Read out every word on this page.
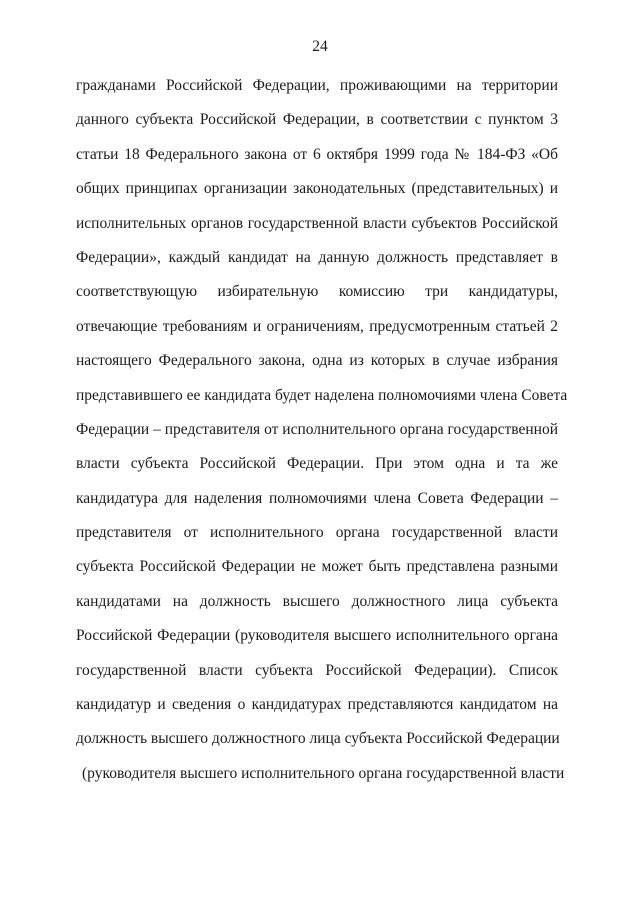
24
гражданами Российской Федерации, проживающими на территории
данного субъекта Российской Федерации, в соответствии с пунктом 3
статьи 18 Федерального закона от 6 октября 1999 года № 184-ФЗ «Об
общих принципах организации законодательных (представительных) и
исполнительных органов государственной власти субъектов Российской
Федерации», каждый кандидат на данную должность представляет в
соответствующую избирательную комиссию три кандидатуры,
отвечающие требованиям и ограничениям, предусмотренным статьей 2
настоящего Федерального закона, одна из которых в случае избрания
представившего ее кандидата будет наделена полномочиями члена Совета
Федерации – представителя от исполнительного органа государственной
власти субъекта Российской Федерации. При этом одна и та же
кандидатура для наделения полномочиями члена Совета Федерации –
представителя от исполнительного органа государственной власти
субъекта Российской Федерации не может быть представлена разными
кандидатами на должность высшего должностного лица субъекта
Российской Федерации (руководителя высшего исполнительного органа
государственной власти субъекта Российской Федерации). Список
кандидатур и сведения о кандидатурах представляются кандидатом на
должность высшего должностного лица субъекта Российской Федерации
(руководителя высшего исполнительного органа государственной власти
